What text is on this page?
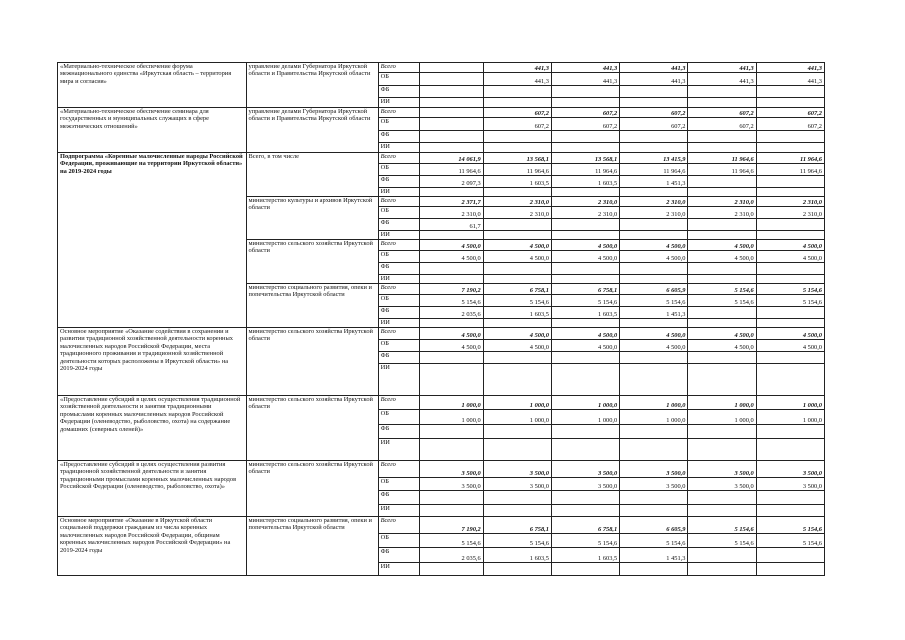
«Материально-техническое обеспечение форума межнационального единства «Иркутская область – территория мира и согласия»	управление делами Губернатора Иркутской области и Правительства Иркутской области	Всего		441,3	441,3	441,3	441,3	441,3
		ОБ		441,3	441,3	441,3	441,3	441,3
		ФБ						
		ИИ						
«Материально-техническое обеспечение семинара для государственных и муниципальных служащих в сфере межэтнических отношений»	управление делами Губернатора Иркутской области и Правительства Иркутской области	Всего		607,2	607,2	607,2	607,2	607,2
		ОБ		607,2	607,2	607,2	607,2	607,2
		ФБ						
		ИИ						
Подпрограмма «Коренные малочисленные народы Российской Федерации, проживающие на территории Иркутской области» на 2019-2024 годы	Всего, в том числе	Всего	14 061,9	13 568,1	13 568,1	13 415,9	11 964,6	11 964,6
		ОБ	11 964,6	11 964,6	11 964,6	11 964,6	11 964,6	11 964,6
		ФБ	2 097,3	1 603,5	1 603,5	1 451,3		
		ИИ						
	министерство культуры и архивов Иркутской области	Всего	2 371,7	2 310,0	2 310,0	2 310,0	2 310,0	2 310,0
		ОБ	2 310,0	2 310,0	2 310,0	2 310,0	2 310,0	2 310,0
		ФБ	61,7					
		ИИ						
	министерство сельского хозяйства Иркутской области	Всего	4 500,0	4 500,0	4 500,0	4 500,0	4 500,0	4 500,0
		ОБ	4 500,0	4 500,0	4 500,0	4 500,0	4 500,0	4 500,0
		ФБ						
		ИИ						
	министерство социального развития, опеки и попечительства Иркутской области	Всего	7 190,2	6 758,1	6 758,1	6 605,9	5 154,6	5 154,6
		ОБ	5 154,6	5 154,6	5 154,6	5 154,6	5 154,6	5 154,6
		ФБ	2 035,6	1 603,5	1 603,5	1 451,3		
		ИИ						
Основное мероприятие «Оказание содействия в сохранении и развитии традиционной хозяйственной деятельности коренных малочисленных народов Российской Федерации, места традиционного проживания и традиционной хозяйственной деятельности которых расположены в Иркутской области» на 2019-2024 годы	министерство сельского хозяйства Иркутской области	Всего	4 500,0	4 500,0	4 500,0	4 500,0	4 500,0	4 500,0
		ОБ	4 500,0	4 500,0	4 500,0	4 500,0	4 500,0	4 500,0
		ФБ						
		ИИ						
«Предоставление субсидий в целях осуществления традиционной хозяйственной деятельности и занятия традиционными промыслами коренных малочисленных народов Российской Федерации (оленеводство, рыболовство, охота) на содержание домашних (северных оленей)»	министерство сельского хозяйства Иркутской области	Всего	1 000,0	1 000,0	1 000,0	1 000,0	1 000,0	1 000,0
		ОБ	1 000,0	1 000,0	1 000,0	1 000,0	1 000,0	1 000,0
		ФБ						
		ИИ						
«Предоставление субсидий в целях осуществления развития традиционной хозяйственной деятельности и занятия традиционными промыслами коренных малочисленных народов Российской Федерации (оленеводство, рыболовство, охота)»	министерство сельского хозяйства Иркутской области	Всего	3 500,0	3 500,0	3 500,0	3 500,0	3 500,0	3 500,0
		ОБ	3 500,0	3 500,0	3 500,0	3 500,0	3 500,0	3 500,0
		ФБ						
		ИИ						
Основное мероприятие «Оказание в Иркутской области социальной поддержки гражданам из числа коренных малочисленных народов Российской Федерации, общинам коренных малочисленных народов Российской Федерации» на 2019-2024 годы	министерство социального развития, опеки и попечительства Иркутской области	Всего	7 190,2	6 758,1	6 758,1	6 605,9	5 154,6	5 154,6
		ОБ	5 154,6	5 154,6	5 154,6	5 154,6	5 154,6	5 154,6
		ФБ	2 035,6	1 603,5	1 603,5	1 451,3		
		ИИ						
